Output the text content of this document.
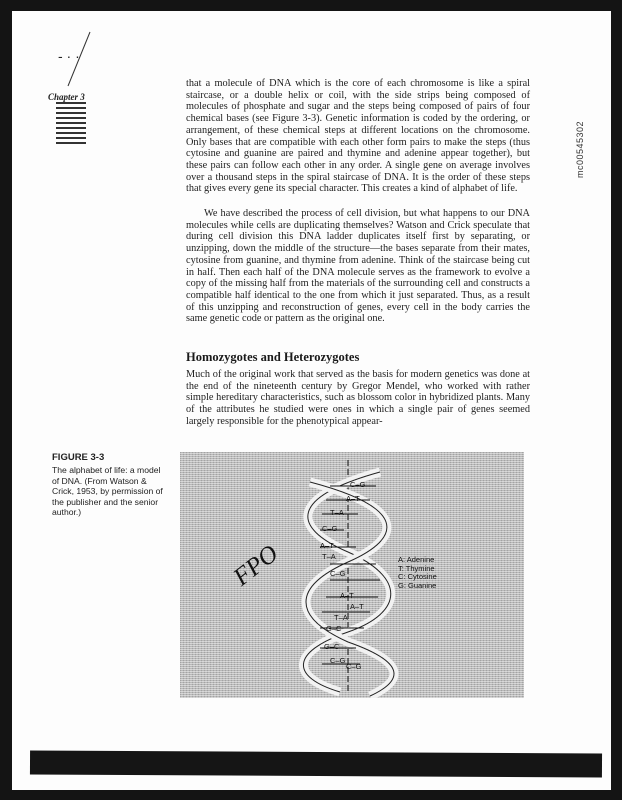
- · ·
Chapter 3
mc00545302

that a molecule of DNA which is the core of each chromosome is like a spiral staircase, or a double helix or coil, with the side strips being composed of molecules of phosphate and sugar and the steps being composed of pairs of four chemical bases (see Figure 3-3). Genetic information is coded by the ordering, or arrangement, of these chemical steps at different locations on the chromosome. Only bases that are compatible with each other form pairs to make the steps (thus cytosine and guanine are paired and thymine and adenine appear together), but these pairs can follow each other in any order. A single gene on average involves over a thousand steps in the spiral staircase of DNA. It is the order of these steps that gives every gene its special character. This creates a kind of alphabet of life.

We have described the process of cell division, but what happens to our DNA molecules while cells are duplicating themselves? Watson and Crick speculate that during cell division this DNA ladder duplicates itself first by separating, or unzipping, down the middle of the structure—the bases separate from their mates, cytosine from guanine, and thymine from adenine. Think of the staircase being cut in half. Then each half of the DNA molecule serves as the framework to evolve a copy of the missing half from the materials of the surrounding cell and constructs a compatible half identical to the one from which it just separated. Thus, as a result of this unzipping and reconstruction of genes, every cell in the body carries the same genetic code or pattern as the original one.

Homozygotes and Heterozygotes

Much of the original work that served as the basis for modern genetics was done at the end of the nineteenth century by Gregor Mendel, who worked with rather simple hereditary characteristics, such as blossom color in hybridized plants. Many of the attributes he studied were ones in which a single pair of genes seemed largely responsible for the phenotypical appear-

FIGURE 3-3
The alphabet of life: a model of DNA. (From Watson & Crick, 1953, by permission of the publisher and the senior author.)
C–G
A–T
T–A
C–G
A–T
T–A
C–G
A–T
A–T
T–A
G–C
G–C
C–G
C–G
A: Adenine
T: Thymine
C: Cytosine
G: Guanine
FPO
